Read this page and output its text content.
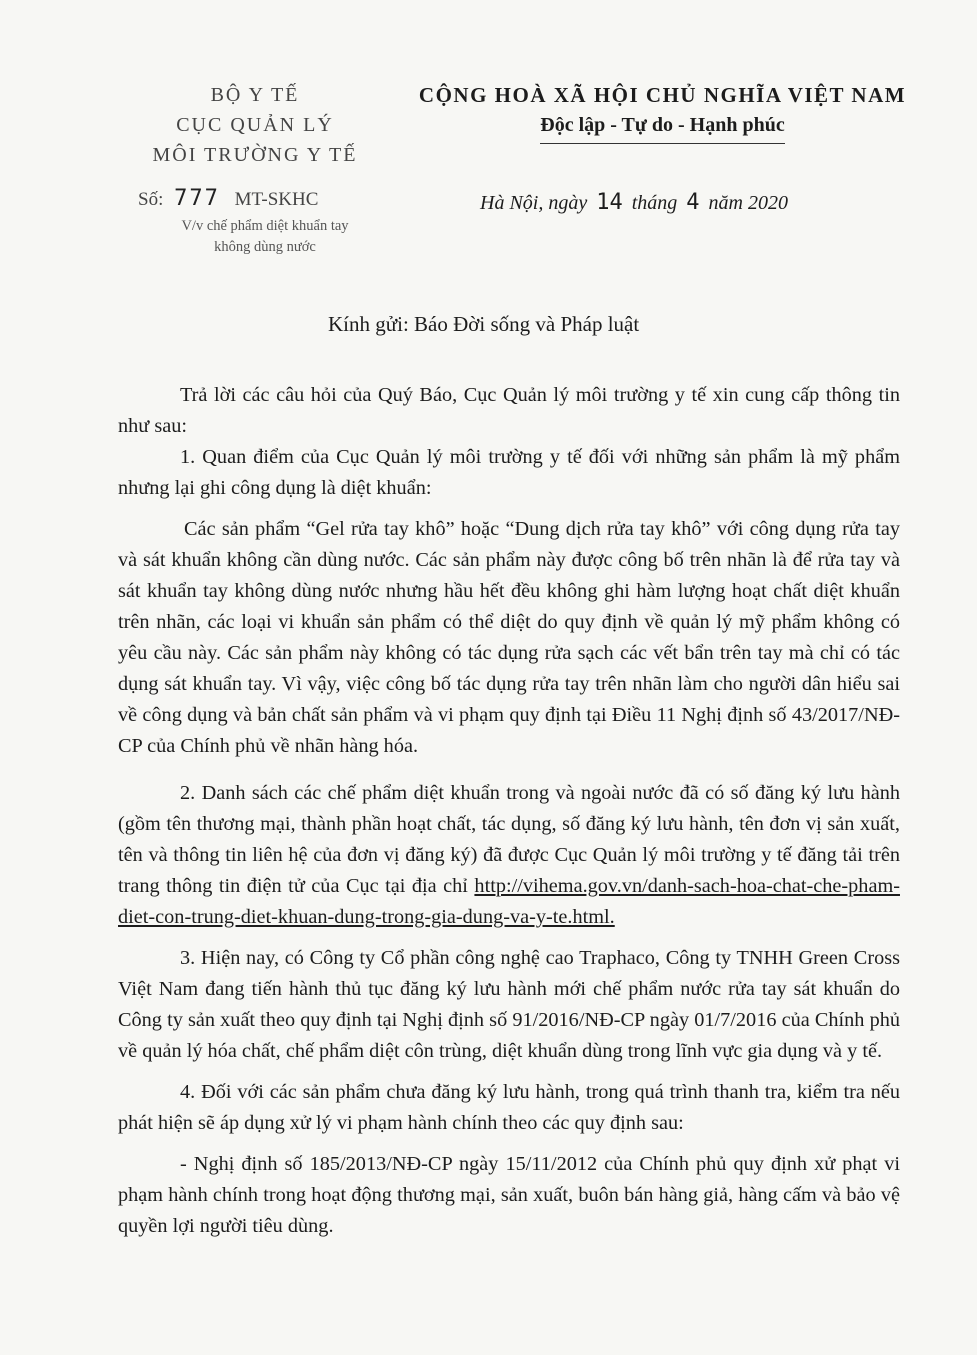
BỘ Y TẾ
CỤC QUẢN LÝ
MÔI TRƯỜNG Y TẾ
CỘNG HOÀ XÃ HỘI CHỦ NGHĨA VIỆT NAM
Độc lập - Tự do - Hạnh phúc
Số: 777 MT-SKHC
V/v chế phẩm diệt khuẩn tay
không dùng nước
Hà Nội, ngày 14 tháng 4 năm 2020
Kính gửi: Báo Đời sống và Pháp luật

Trả lời các câu hỏi của Quý Báo, Cục Quản lý môi trường y tế xin cung cấp thông tin như sau:

1. Quan điểm của Cục Quản lý môi trường y tế đối với những sản phẩm là mỹ phẩm nhưng lại ghi công dụng là diệt khuẩn:

Các sản phẩm “Gel rửa tay khô” hoặc “Dung dịch rửa tay khô” với công dụng rửa tay và sát khuẩn không cần dùng nước. Các sản phẩm này được công bố trên nhãn là để rửa tay và sát khuẩn tay không dùng nước nhưng hầu hết đều không ghi hàm lượng hoạt chất diệt khuẩn trên nhãn, các loại vi khuẩn sản phẩm có thể diệt do quy định về quản lý mỹ phẩm không có yêu cầu này. Các sản phẩm này không có tác dụng rửa sạch các vết bẩn trên tay mà chỉ có tác dụng sát khuẩn tay. Vì vậy, việc công bố tác dụng rửa tay trên nhãn làm cho người dân hiểu sai về công dụng và bản chất sản phẩm và vi phạm quy định tại Điều 11 Nghị định số 43/2017/NĐ-CP của Chính phủ về nhãn hàng hóa.

2. Danh sách các chế phẩm diệt khuẩn trong và ngoài nước đã có số đăng ký lưu hành (gồm tên thương mại, thành phần hoạt chất, tác dụng, số đăng ký lưu hành, tên đơn vị sản xuất, tên và thông tin liên hệ của đơn vị đăng ký) đã được Cục Quản lý môi trường y tế đăng tải trên trang thông tin điện tử của Cục tại địa chỉ http://vihema.gov.vn/danh-sach-hoa-chat-che-pham-diet-con-trung-diet-khuan-dung-trong-gia-dung-va-y-te.html.

3. Hiện nay, có Công ty Cổ phần công nghệ cao Traphaco, Công ty TNHH Green Cross Việt Nam đang tiến hành thủ tục đăng ký lưu hành mới chế phẩm nước rửa tay sát khuẩn do Công ty sản xuất theo quy định tại Nghị định số 91/2016/NĐ-CP ngày 01/7/2016 của Chính phủ về quản lý hóa chất, chế phẩm diệt côn trùng, diệt khuẩn dùng trong lĩnh vực gia dụng và y tế.

4. Đối với các sản phẩm chưa đăng ký lưu hành, trong quá trình thanh tra, kiểm tra nếu phát hiện sẽ áp dụng xử lý vi phạm hành chính theo các quy định sau:

- Nghị định số 185/2013/NĐ-CP ngày 15/11/2012 của Chính phủ quy định xử phạt vi phạm hành chính trong hoạt động thương mại, sản xuất, buôn bán hàng giả, hàng cấm và bảo vệ quyền lợi người tiêu dùng.
